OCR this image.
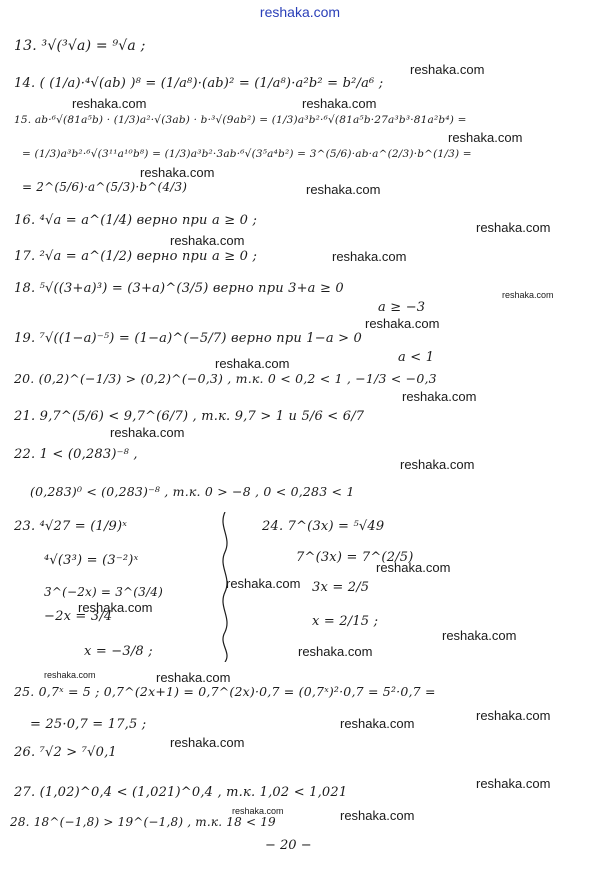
reshaka.com
13. ³√(³√a) = ⁹√a ;
14. ( (1/a)·⁴√(ab) )⁸ = (1/a⁸)·(ab)² = (1/a⁸)·a²b² = b²/a⁶ ;
15. ab·⁶√(81a⁵b) · (1/3)a²·√(3ab) · b·³√(9ab²) = (1/3)a³b²·⁶√(81a⁵b·27a³b³·81a²b⁴) =
= (1/3)a³b²·⁶√(3¹¹a¹⁰b⁸) = (1/3)a³b²·3ab·⁶√(3⁵a⁴b²) = 3^(5/6)·ab·a^(2/3)·b^(1/3) =
= 2^(5/6)·a^(5/3)·b^(4/3)
16. ⁴√a = a^(1/4) верно при a ≥ 0 ;
17. ²√a = a^(1/2) верно при a ≥ 0 ;
18. ⁵√((3+a)³) = (3+a)^(3/5) верно при 3+a ≥ 0
a ≥ −3
19. ⁷√((1−a)⁻⁵) = (1−a)^(−5/7) верно при 1−a > 0
a < 1
20. (0,2)^(−1/3) > (0,2)^(−0,3) , т.к. 0 < 0,2 < 1 , −1/3 < −0,3
21. 9,7^(5/6) < 9,7^(6/7) , т.к. 9,7 > 1 и 5/6 < 6/7
22. 1 < (0,283)⁻⁸ ,
(0,283)⁰ < (0,283)⁻⁸ , т.к. 0 > −8 , 0 < 0,283 < 1
23. ⁴√27 = (1/9)ˣ
⁴√(3³) = (3⁻²)ˣ
3^(−2x) = 3^(3/4)
−2x = 3/4
x = −3/8 ;
24. 7^(3x) = ⁵√49
7^(3x) = 7^(2/5)
3x = 2/5
x = 2/15 ;
25. 0,7ˣ = 5 ; 0,7^(2x+1) = 0,7^(2x)·0,7 = (0,7ˣ)²·0,7 = 5²·0,7 =
= 25·0,7 = 17,5 ;
26. ⁷√2 > ⁷√0,1
27. (1,02)^0,4 < (1,021)^0,4 , т.к. 1,02 < 1,021
28. 18^(−1,8) > 19^(−1,8) , т.к. 18 < 19
− 20 −
reshaka.com
reshaka.com	reshaka.com
reshaka.com
reshaka.com
reshaka.com
reshaka.com
reshaka.com
reshaka.com
reshaka.com
reshaka.com
reshaka.com
reshaka.com
reshaka.com
reshaka.com
reshaka.com
reshaka.com
reshaka.com
reshaka.com
reshaka.com	reshaka.com
reshaka.com
reshaka.com
reshaka.com
reshaka.com
reshaka.com
reshaka.com	reshaka.com
